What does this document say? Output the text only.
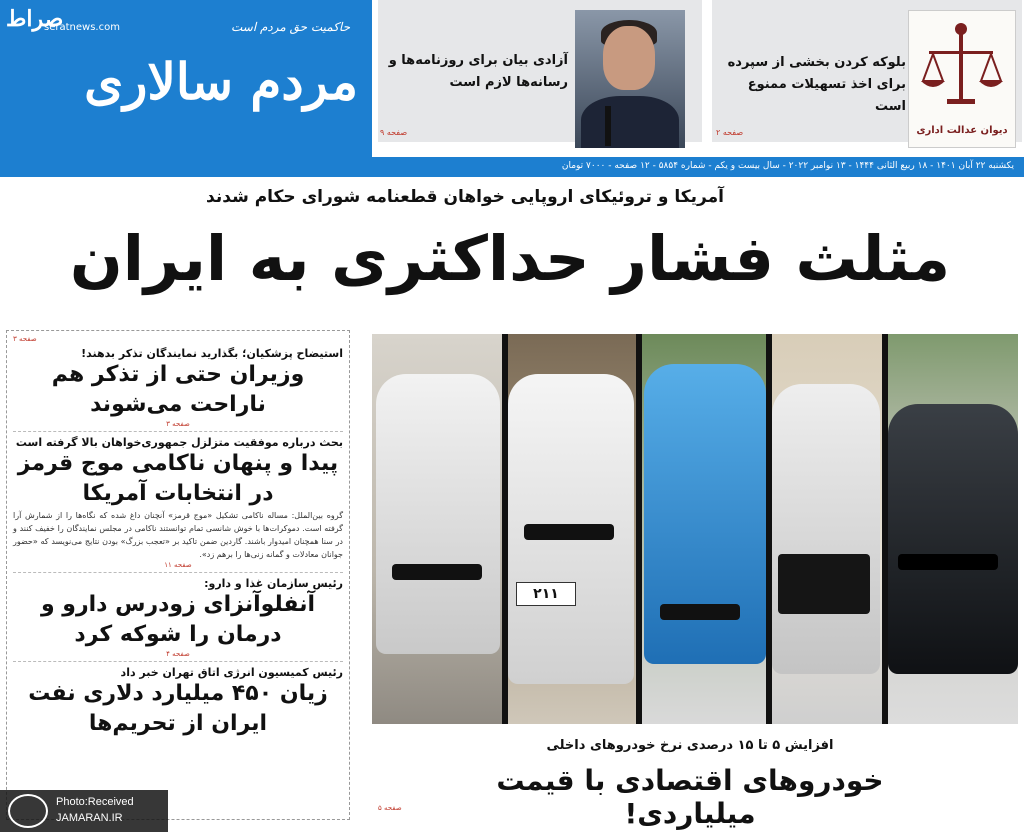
صراط
seratnews.com	حاکمیت حق مردم است
مردم سالاری آزادی بیان برای روزنامه‌ها و رسانه‌ها لازم است
صفحه ۹
بلوکه کردن بخشی از سپرده برای اخذ تسهیلات ممنوع است
صفحه ۲	دیوان عدالت اداری
یکشنبه ۲۲ آبان ۱۴۰۱ - ۱۸ ربیع الثانی ۱۴۴۴ - ۱۳ نوامبر ۲۰۲۲ - سال بیست و یکم - شماره ۵۸۵۴ - ۱۲ صفحه - ۷۰۰۰ تومان
آمریکا و تروئیکای اروپایی خواهان قطعنامه شورای حکام شدند
مثلث فشار حداکثری به ایران
صفحه ۳
استیضاح پزشکیان؛ بگذارید نمایندگان تذکر بدهند!
وزیران حتی از تذکر هم ناراحت می‌شوند
صفحه ۳
بحث درباره موفقیت متزلزل جمهوری‌خواهان بالا گرفته است
پیدا و پنهان ناکامی موج قرمز در انتخابات آمریکا
گروه بین‌الملل: مساله ناکامی تشکیل «موج قرمز» آنچنان داغ شده که نگاه‌ها را از شمارش آرا گرفته است. دموکرات‌ها با خوش شانسی تمام توانستند ناکامی در مجلس نمایندگان را خفیف کنند و در سنا همچنان امیدوار باشند. گاردین ضمن تاکید بر «تعجب بزرگ» بودن نتایج می‌نویسد که «حضور جوانان معادلات و گمانه زنی‌ها را برهم زد».
صفحه ۱۱
رئیس سازمان غذا و دارو:
آنفلوآنزای زودرس دارو و درمان را شوکه کرد
صفحه ۴
رئیس کمیسیون انرژی اتاق تهران خبر داد
زیان ۴۵۰ میلیارد دلاری نفت ایران از تحریم‌ها
۲۱۱
افزایش ۵ تا ۱۵ درصدی نرخ خودروهای داخلی
خودروهای اقتصادی با قیمت میلیاردی!
صفحه ۵
Photo:Received
JAMARAN.IR
